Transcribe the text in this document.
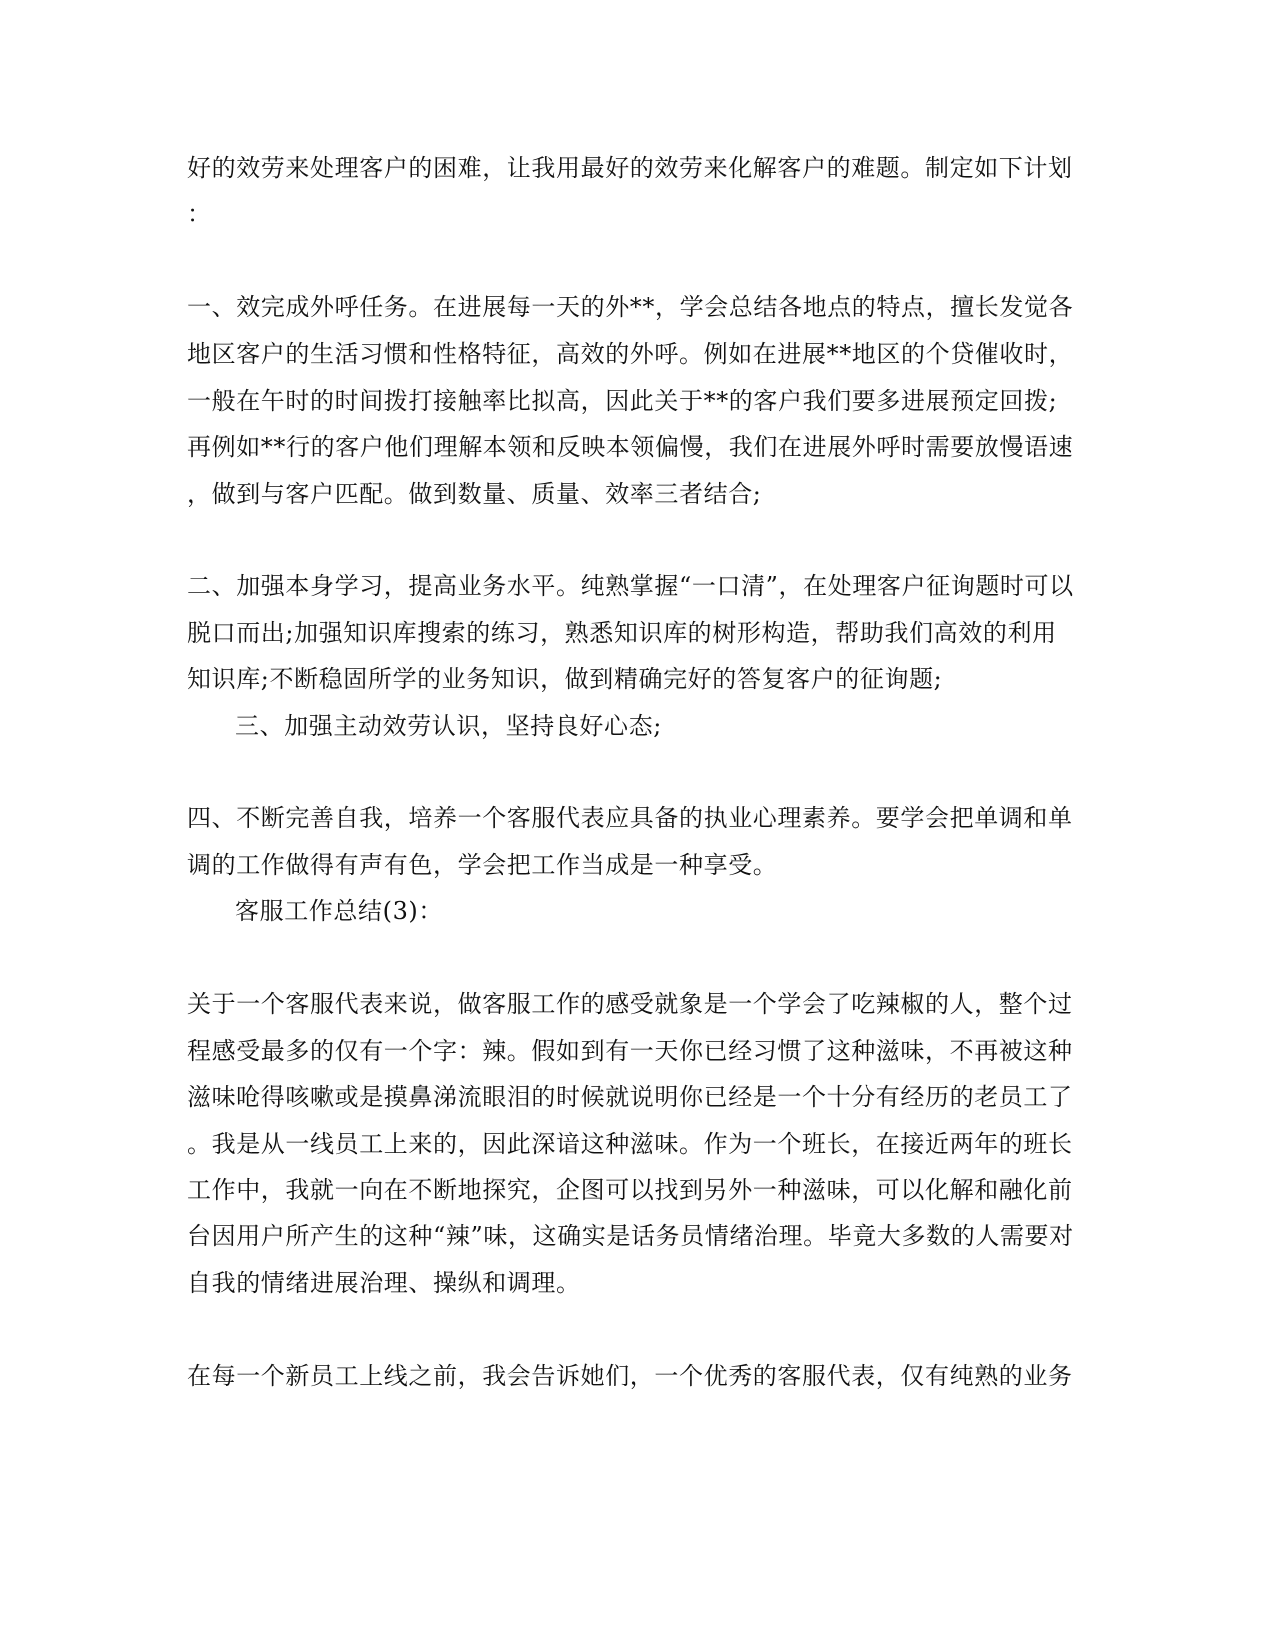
好的效劳来处理客户的困难，让我用最好的效劳来化解客户的难题。制定如下计划

：

一、效完成外呼任务。在进展每一天的外**，学会总结各地点的特点，擅长发觉各

地区客户的生活习惯和性格特征，高效的外呼。例如在进展**地区的个贷催收时，

一般在午时的时间拨打接触率比拟高，因此关于**的客户我们要多进展预定回拨;

再例如**行的客户他们理解本领和反映本领偏慢，我们在进展外呼时需要放慢语速

，做到与客户匹配。做到数量、质量、效率三者结合;

二、加强本身学习，提高业务水平。纯熟掌握“一口清”，在处理客户征询题时可以

脱口而出;加强知识库搜索的练习，熟悉知识库的树形构造，帮助我们高效的利用

知识库;不断稳固所学的业务知识，做到精确完好的答复客户的征询题;

三、加强主动效劳认识，坚持良好心态;

四、不断完善自我，培养一个客服代表应具备的执业心理素养。要学会把单调和单

调的工作做得有声有色，学会把工作当成是一种享受。

客服工作总结(3)：

关于一个客服代表来说，做客服工作的感受就象是一个学会了吃辣椒的人，整个过

程感受最多的仅有一个字：辣。假如到有一天你已经习惯了这种滋味，不再被这种

滋味呛得咳嗽或是摸鼻涕流眼泪的时候就说明你已经是一个十分有经历的老员工了

。我是从一线员工上来的，因此深谙这种滋味。作为一个班长，在接近两年的班长

工作中，我就一向在不断地探究，企图可以找到另外一种滋味，可以化解和融化前

台因用户所产生的这种“辣”味，这确实是话务员情绪治理。毕竟大多数的人需要对

自我的情绪进展治理、操纵和调理。

在每一个新员工上线之前，我会告诉她们，一个优秀的客服代表，仅有纯熟的业务
